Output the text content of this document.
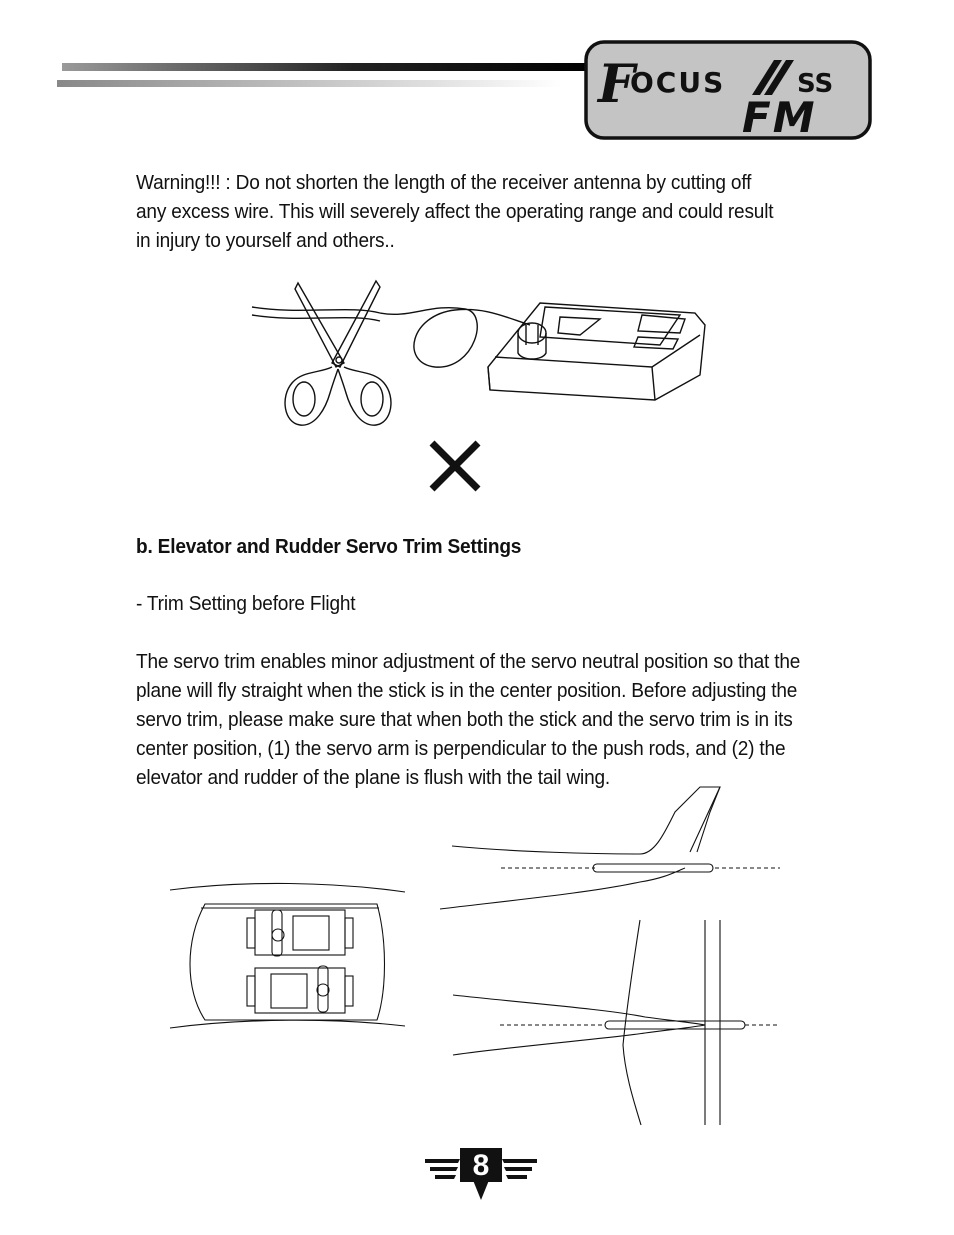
F
OCUS	SS
FM
Warning!!! : Do not shorten the length of the receiver antenna by cutting off
any excess wire. This will severely affect the operating range and could result
in injury to yourself and others..
b. Elevator and Rudder Servo Trim Settings
- Trim Setting before Flight
The servo trim enables minor adjustment of the servo neutral position so that the
plane will fly straight when the stick is in the center position. Before adjusting the
servo trim, please make sure that when both the stick and the servo trim is in its
center position, (1) the servo arm is perpendicular to the push rods, and (2) the
elevator and rudder of the plane is flush with the tail wing.
8
